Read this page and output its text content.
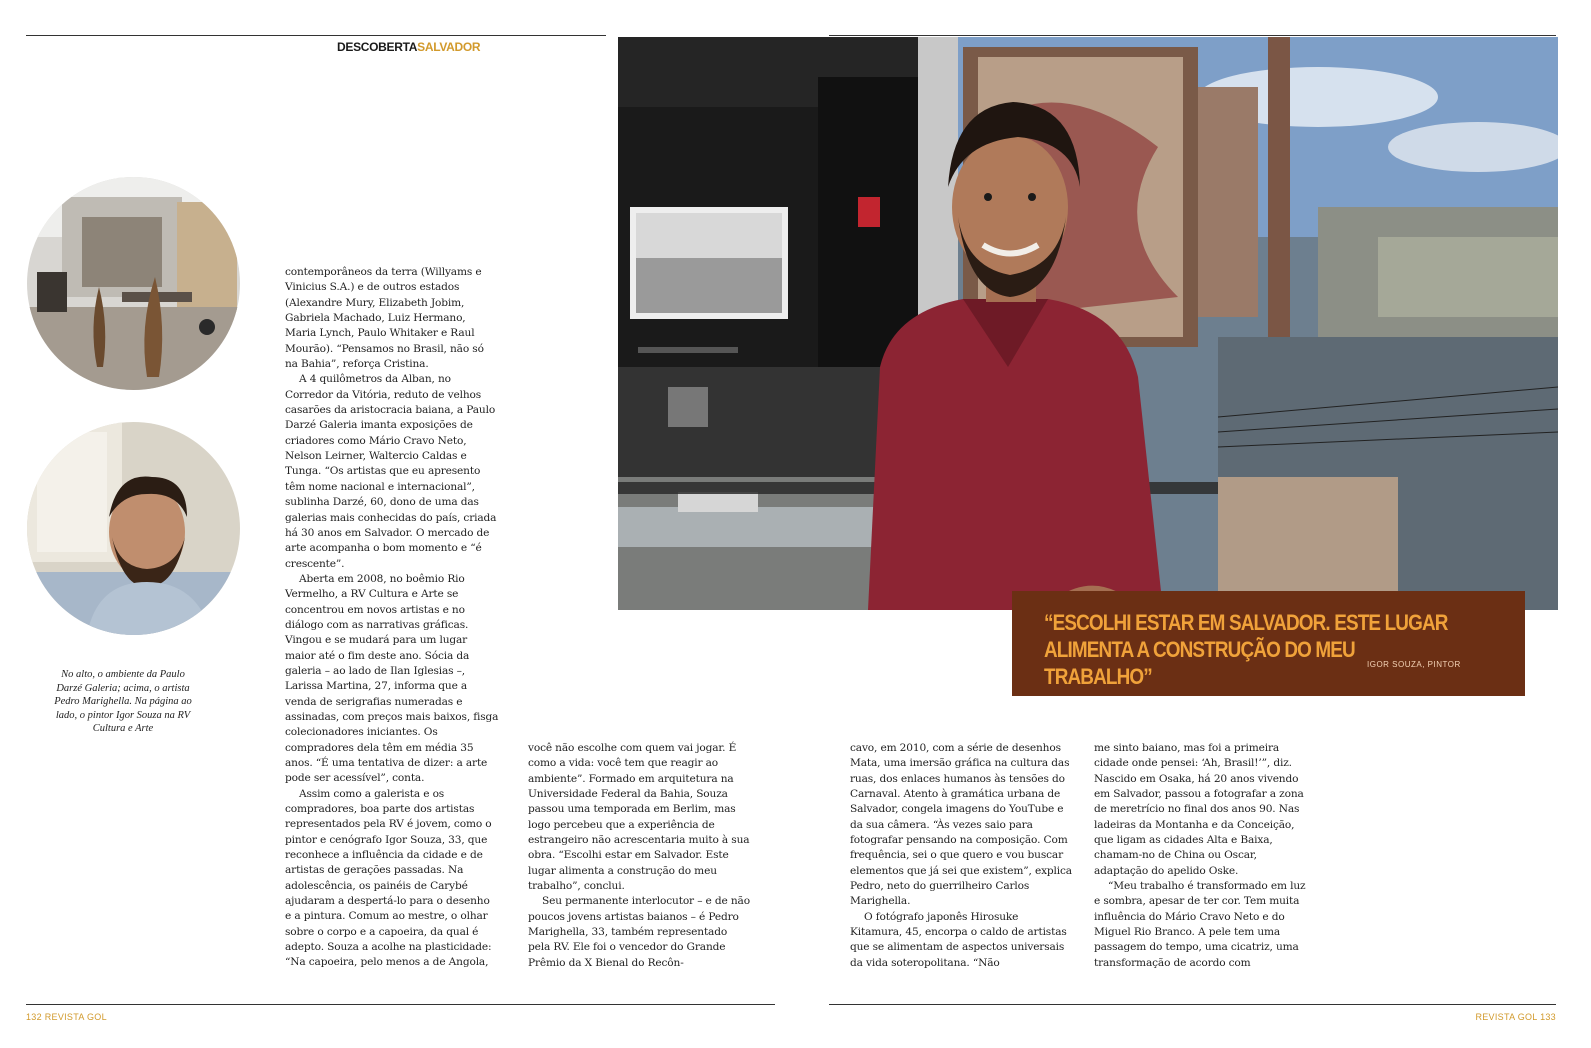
DESCOBERTASALVADOR
No alto, o ambiente da Paulo Darzé Galeria; acima, o artista Pedro Marighella. Na página ao lado, o pintor Igor Souza na RV Cultura e Arte

contemporâneos da terra (Willyams e Vinicius S.A.) e de outros estados (Alexandre Mury, Elizabeth Jobim, Gabriela Machado, Luiz Hermano, Maria Lynch, Paulo Whitaker e Raul Mourão). “Pensamos no Brasil, não só na Bahia”, reforça Cristina.

A 4 quilômetros da Alban, no Corredor da Vitória, reduto de velhos casarões da aristocracia baiana, a Paulo Darzé Galeria imanta exposições de criadores como Mário Cravo Neto, Nelson Leirner, Waltercio Caldas e Tunga. “Os artistas que eu apresento têm nome nacional e internacional”, sublinha Darzé, 60, dono de uma das galerias mais conhecidas do país, criada há 30 anos em Salvador. O mercado de arte acompanha o bom momento e “é crescente”.

Aberta em 2008, no boêmio Rio Vermelho, a RV Cultura e Arte se concentrou em novos artistas e no diálogo com as narrativas gráficas. Vingou e se mudará para um lugar maior até o fim deste ano. Sócia da galeria – ao lado de Ilan Iglesias –, Larissa Martina, 27, informa que a venda de serigrafias numeradas e assinadas, com preços mais baixos, fisga colecionadores iniciantes. Os compradores dela têm em média 35 anos. “É uma tentativa de dizer: a arte pode ser acessível”, conta.

Assim como a galerista e os compradores, boa parte dos artistas representados pela RV é jovem, como o pintor e cenógrafo Igor Souza, 33, que reconhece a influência da cidade e de artistas de gerações passadas. Na adolescência, os painéis de Carybé ajudaram a despertá-lo para o desenho e a pintura. Comum ao mestre, o olhar sobre o corpo e a capoeira, da qual é adepto. Souza a acolhe na plasticidade: “Na capoeira, pelo menos a de Angola,

você não escolhe com quem vai jogar. É como a vida: você tem que reagir ao ambiente”. Formado em arquitetura na Universidade Federal da Bahia, Souza passou uma temporada em Berlim, mas logo percebeu que a experiência de estrangeiro não acrescentaria muito à sua obra. “Escolhi estar em Salvador. Este lugar alimenta a construção do meu trabalho”, conclui.

Seu permanente interlocutor – e de não poucos jovens artistas baianos – é Pedro Marighella, 33, também representado pela RV. Ele foi o vencedor do Grande Prêmio da X Bienal do Recôn-

cavo, em 2010, com a série de desenhos Mata, uma imersão gráfica na cultura das ruas, dos enlaces humanos às tensões do Carnaval. Atento à gramática urbana de Salvador, congela imagens do YouTube e da sua câmera. “Às vezes saio para fotografar pensando na composição. Com frequência, sei o que quero e vou buscar elementos que já sei que existem”, explica Pedro, neto do guerrilheiro Carlos Marighella.

O fotógrafo japonês Hirosuke Kitamura, 45, encorpa o caldo de artistas que se alimentam de aspectos universais da vida soteropolitana. “Não

me sinto baiano, mas foi a primeira cidade onde pensei: ‘Ah, Brasil!’”, diz. Nascido em Osaka, há 20 anos vivendo em Salvador, passou a fotografar a zona de meretrício no final dos anos 90. Nas ladeiras da Montanha e da Conceição, que ligam as cidades Alta e Baixa, chamam-no de China ou Oscar, adaptação do apelido Oske.

“Meu trabalho é transformado em luz e sombra, apesar de ter cor. Tem muita influência do Mário Cravo Neto e do Miguel Rio Branco. A pele tem uma passagem do tempo, uma cicatriz, uma transformação de acordo com

“ESCOLHI ESTAR EM SALVADOR. ESTE LUGAR ALIMENTA A CONSTRUÇÃO DO MEU TRABALHO”	IGOR SOUZA, PINTOR
132 REVISTA GOL	REVISTA GOL 133
